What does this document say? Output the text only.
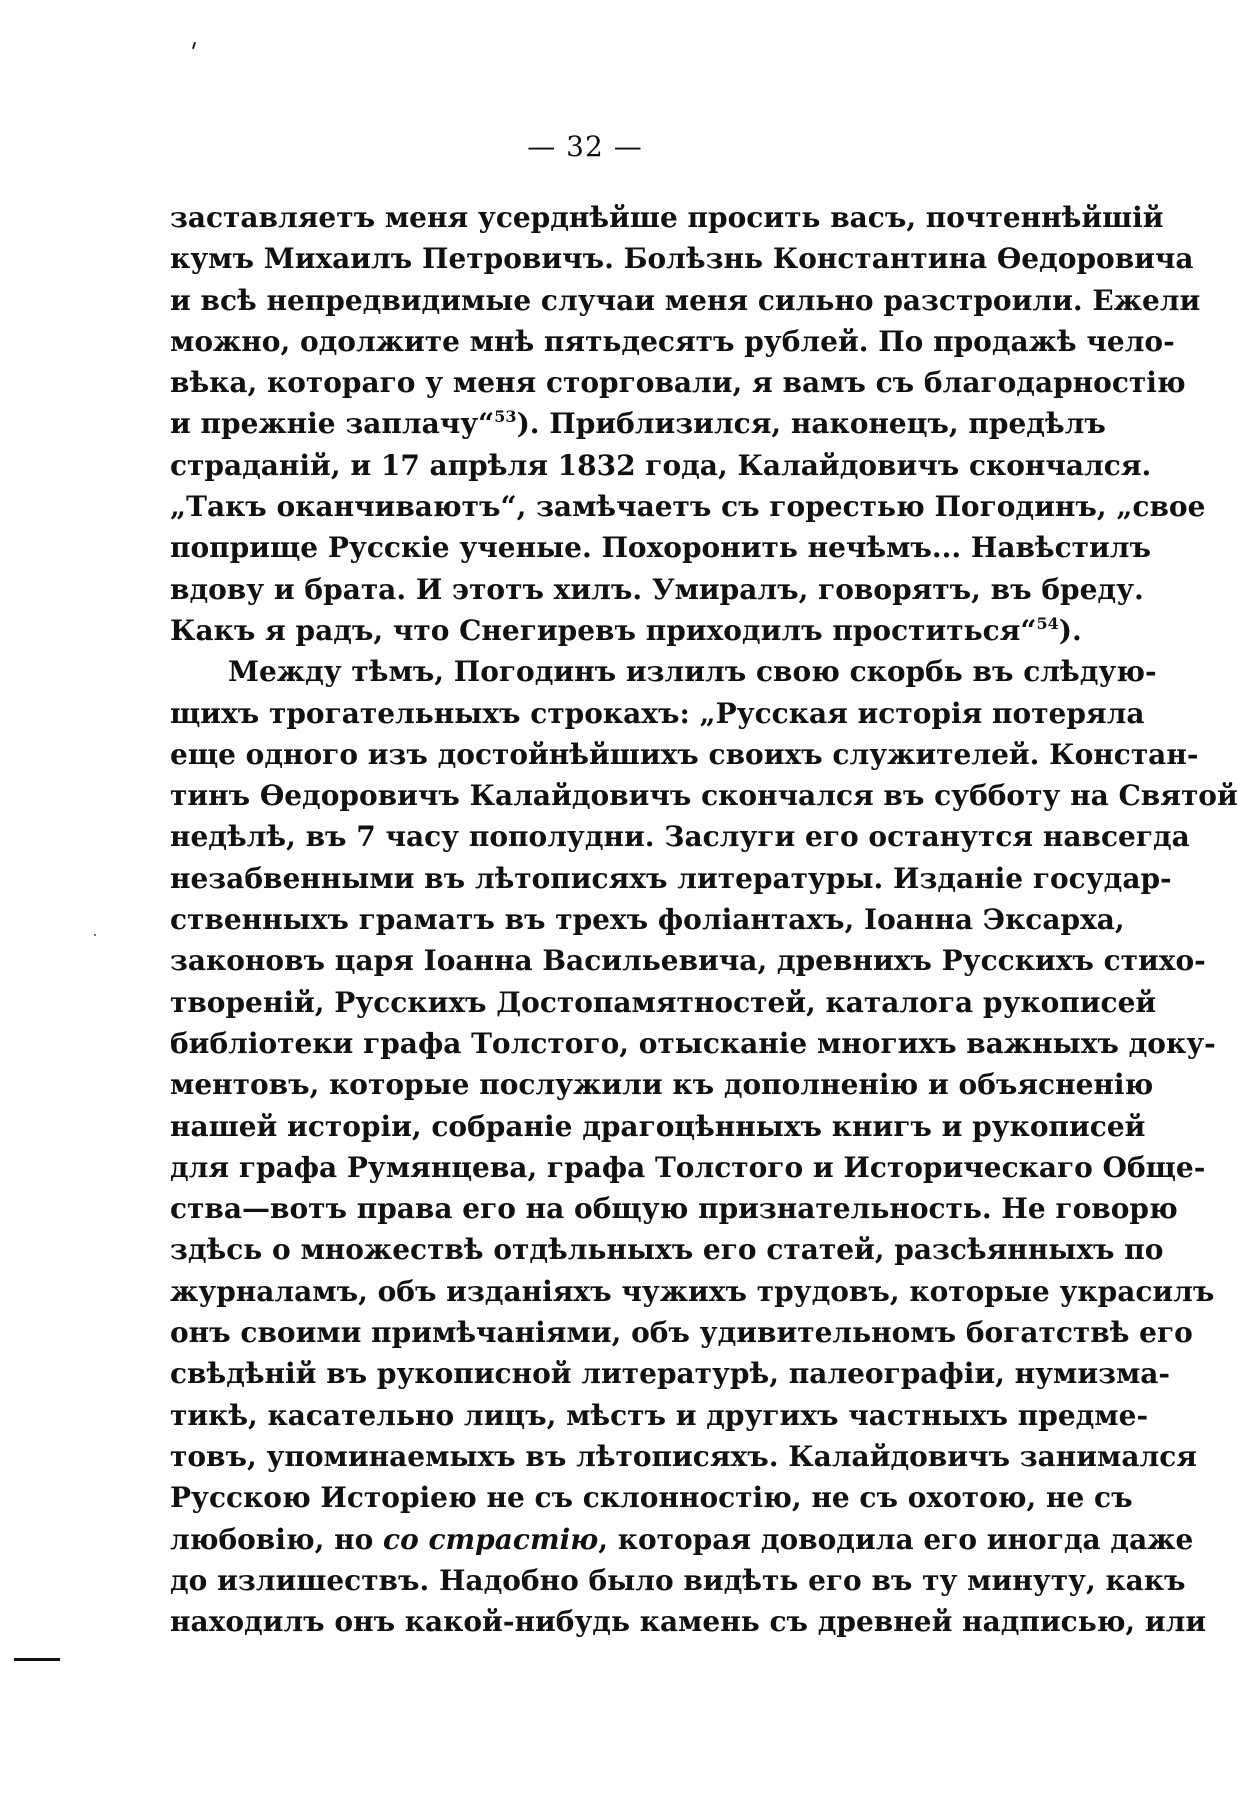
— 32 —
заставляетъ меня усерднѣйше просить васъ, почтеннѣйшій
кумъ Михаилъ Петровичъ. Болѣзнь Константина Ѳедоровича
и всѣ непредвидимые случаи меня сильно разстроили. Ежели
можно, одолжите мнѣ пятьдесятъ рублей. По продажѣ чело-
вѣка, котораго у меня сторговали, я вамъ съ благодарностію
и прежніе заплачу“$^{53}$). Приблизился, наконецъ, предѣлъ
страданій, и 17 апрѣля 1832 года, Калайдовичъ скончался.
„Такъ оканчиваютъ“, замѣчаетъ съ горестью Погодинъ, „свое
поприще Русскіе ученые. Похоронить нечѣмъ... Навѣстилъ
вдову и брата. И этотъ хилъ. Умиралъ, говорятъ, въ бреду.
Какъ я радъ, что Снегиревъ приходилъ проститься“$^{54}$).
Между тѣмъ, Погодинъ излилъ свою скорбь въ слѣдую-
щихъ трогательныхъ строкахъ: „Русская исторія потеряла
еще одного изъ достойнѣйшихъ своихъ служителей. Констан-
тинъ Ѳедоровичъ Калайдовичъ скончался въ субботу на Святой
недѣлѣ, въ 7 часу пополудни. Заслуги его останутся навсегда
незабвенными въ лѣтописяхъ литературы. Изданіе государ-
ственныхъ граматъ въ трехъ фоліантахъ, Іоанна Эксарха,
законовъ царя Іоанна Васильевича, древнихъ Русскихъ стихо-
твореній, Русскихъ Достопамятностей, каталога рукописей
библіотеки графа Толстого, отысканіе многихъ важныхъ доку-
ментовъ, которые послужили къ дополненію и объясненію
нашей исторіи, собраніе драгоцѣнныхъ книгъ и рукописей
для графа Румянцева, графа Толстого и Историческаго Обще-
ства—вотъ права его на общую признательность. Не говорю
здѣсь о множествѣ отдѣльныхъ его статей, разсѣянныхъ по
журналамъ, объ изданіяхъ чужихъ трудовъ, которые украсилъ
онъ своими примѣчаніями, объ удивительномъ богатствѣ его
свѣдѣній въ рукописной литературѣ, палеографіи, нумизма-
тикѣ, касательно лицъ, мѣстъ и другихъ частныхъ предме-
товъ, упоминаемыхъ въ лѣтописяхъ. Калайдовичъ занимался
Русскою Исторіею не съ склонностію, не съ охотою, не съ
любовію, но со страстію, которая доводила его иногда даже
до излишествъ. Надобно было видѣть его въ ту минуту, какъ
находилъ онъ какой-нибудь камень съ древней надписью, или
